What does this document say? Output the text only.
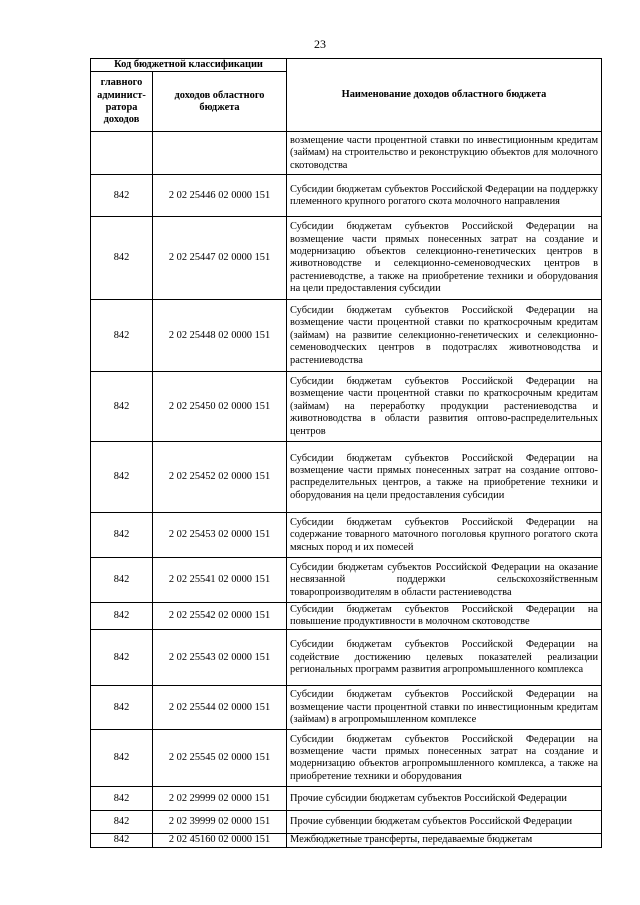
23
Код бюджетной классификации		Наименование доходов областного бюджета
главного админист-ратора доходов	доходов областного бюджета	
		возмещение части процентной ставки по инвестиционным кредитам (займам) на строительство и реконструкцию объектов для молочного скотоводства
842	2 02 25446 02 0000 151	Субсидии бюджетам субъектов Российской Федерации на поддержку племенного крупного рогатого скота молочного направления
842	2 02 25447 02 0000 151	Субсидии бюджетам субъектов Российской Федерации на возмещение части прямых понесенных затрат на создание и модернизацию объектов селекционно-генетических центров в животноводстве и селекционно-семеноводческих центров в растениеводстве, а также на приобретение техники и оборудования на цели предоставления субсидии
842	2 02 25448 02 0000 151	Субсидии бюджетам субъектов Российской Федерации на возмещение части процентной ставки по краткосрочным кредитам (займам) на развитие селекционно-генетических и селекционно-семеноводческих центров в подотраслях животноводства и растениеводства
842	2 02 25450 02 0000 151	Субсидии бюджетам субъектов Российской Федерации на возмещение части процентной ставки по краткосрочным кредитам (займам) на переработку продукции растениеводства и животноводства в области развития оптово-распределительных центров
842	2 02 25452 02 0000 151	Субсидии бюджетам субъектов Российской Федерации на возмещение части прямых понесенных затрат на создание оптово-распределительных центров, а также на приобретение техники и оборудования на цели предоставления субсидии
842	2 02 25453 02 0000 151	Субсидии бюджетам субъектов Российской Федерации на содержание товарного маточного поголовья крупного рогатого скота мясных пород и их помесей
842	2 02 25541 02 0000 151	Субсидии бюджетам субъектов Российской Федерации на оказание несвязанной поддержки сельскохозяйственным товаропроизводителям в области растениеводства
842	2 02 25542 02 0000 151	Субсидии бюджетам субъектов Российской Федерации на повышение продуктивности в молочном скотоводстве
842	2 02 25543 02 0000 151	Субсидии бюджетам субъектов Российской Федерации на содействие достижению целевых показателей реализации региональных программ развития агропромышленного комплекса
842	2 02 25544 02 0000 151	Субсидии бюджетам субъектов Российской Федерации на возмещение части процентной ставки по инвестиционным кредитам (займам) в агропромышленном комплексе
842	2 02 25545 02 0000 151	Субсидии бюджетам субъектов Российской Федерации на возмещение части прямых понесенных затрат на создание и модернизацию объектов агропромышленного комплекса, а также на приобретение техники и оборудования
842	2 02 29999 02 0000 151	Прочие субсидии бюджетам субъектов Российской Федерации
842	2 02 39999 02 0000 151	Прочие субвенции бюджетам субъектов Российской Федерации
842	2 02 45160 02 0000 151	Межбюджетные трансферты, передаваемые бюджетам
